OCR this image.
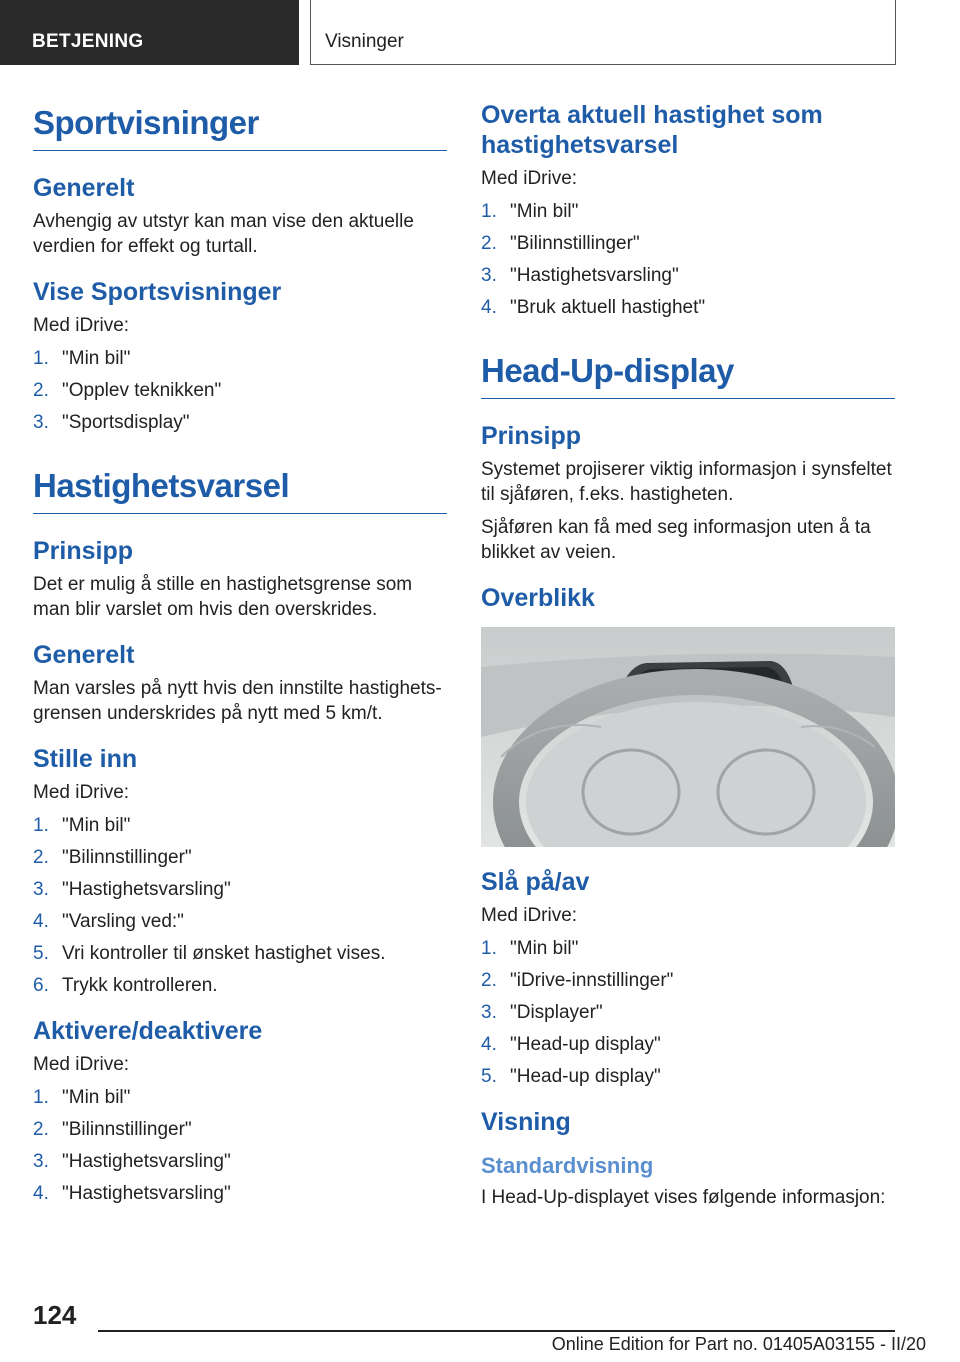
BETJENING	Visninger
Sportvisninger
Generelt

Avhengig av utstyr kan man vise den aktuelle verdien for effekt og turtall.

Vise Sportsvisninger

Med iDrive:

1. "Min bil"
2. "Opplev teknikken"
3. "Sportsdisplay"
Hastighetsvarsel
Prinsipp

Det er mulig å stille en hastighetsgrense som man blir varslet om hvis den overskrides.

Generelt

Man varsles på nytt hvis den innstilte hastighetsgrensen underskrides på nytt med 5 km/t.

Stille inn

Med iDrive:

1. "Min bil"
2. "Bilinnstillinger"
3. "Hastighetsvarsling"
4. "Varsling ved:"
5. Vri kontroller til ønsket hastighet vises.
6. Trykk kontrolleren.
Aktivere/deaktivere

Med iDrive:

1. "Min bil"
2. "Bilinnstillinger"
3. "Hastighetsvarsling"
4. "Hastighetsvarsling"
Overta aktuell hastighet som hastighetsvarsel

Med iDrive:

1. "Min bil"
2. "Bilinnstillinger"
3. "Hastighetsvarsling"
4. "Bruk aktuell hastighet"
Head-Up-display
Prinsipp

Systemet projiserer viktig informasjon i synsfeltet til sjåføren, f.eks. hastigheten.

Sjåføren kan få med seg informasjon uten å ta blikket av veien.

Overblikk
Slå på/av

Med iDrive:

1. "Min bil"
2. "iDrive-innstillinger"
3. "Displayer"
4. "Head-up display"
5. "Head-up display"
Visning
Standardvisning

I Head-Up-displayet vises følgende informasjon:

124
Online Edition for Part no. 01405A03155 - II/20
